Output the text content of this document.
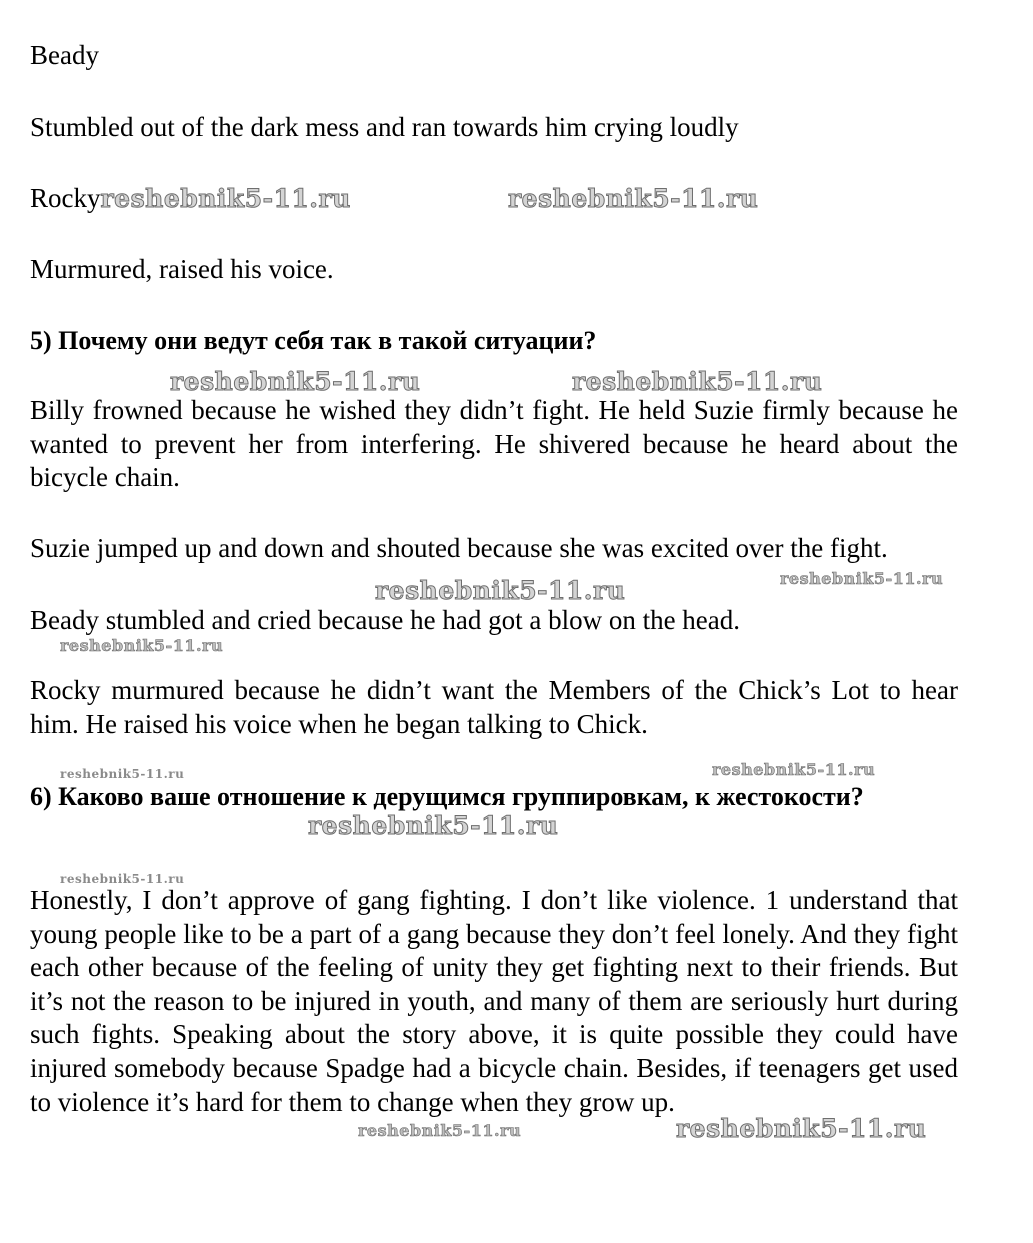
Beady

Stumbled out of the dark mess and ran towards him crying loudly

Rockyreshebnik5-11.ru	reshebnik5-11.ru

Murmured, raised his voice.

5) Почему они ведут себя так в такой ситуации?

reshebnik5-11.ru	reshebnik5-11.ru

Billy frowned because he wished they didn’t fight. He held Suzie firmly because he wanted to prevent her from interfering. He shivered because he heard about the bicycle chain.

Suzie jumped up and down and shouted because she was excited over the fight.

reshebnik5-11.ru	reshebnik5-11.ru

Beady stumbled and cried because he had got a blow on the head.

reshebnik5-11.ru

Rocky murmured because he didn’t want the Members of the Chick’s Lot to hear him. He raised his voice when he began talking to Chick.

reshebnik5-11.ru	reshebnik5-11.ru

6) Каково ваше отношение к дерущимся группировкам, к жестокости?

reshebnik5-11.ru
reshebnik5-11.ru

Honestly, I don’t approve of gang fighting. I don’t like violence. 1 understand that young people like to be a part of a gang because they don’t feel lonely. And they fight each other because of the feeling of unity they get fighting next to their friends. But it’s not the reason to be injured in youth, and many of them are seriously hurt during such fights. Speaking about the story above, it is quite possible they could have injured somebody because Spadge had a bicycle chain. Besides, if teenagers get used to violence it’s hard for them to change when they grow up.

reshebnik5-11.ru	reshebnik5-11.ru
